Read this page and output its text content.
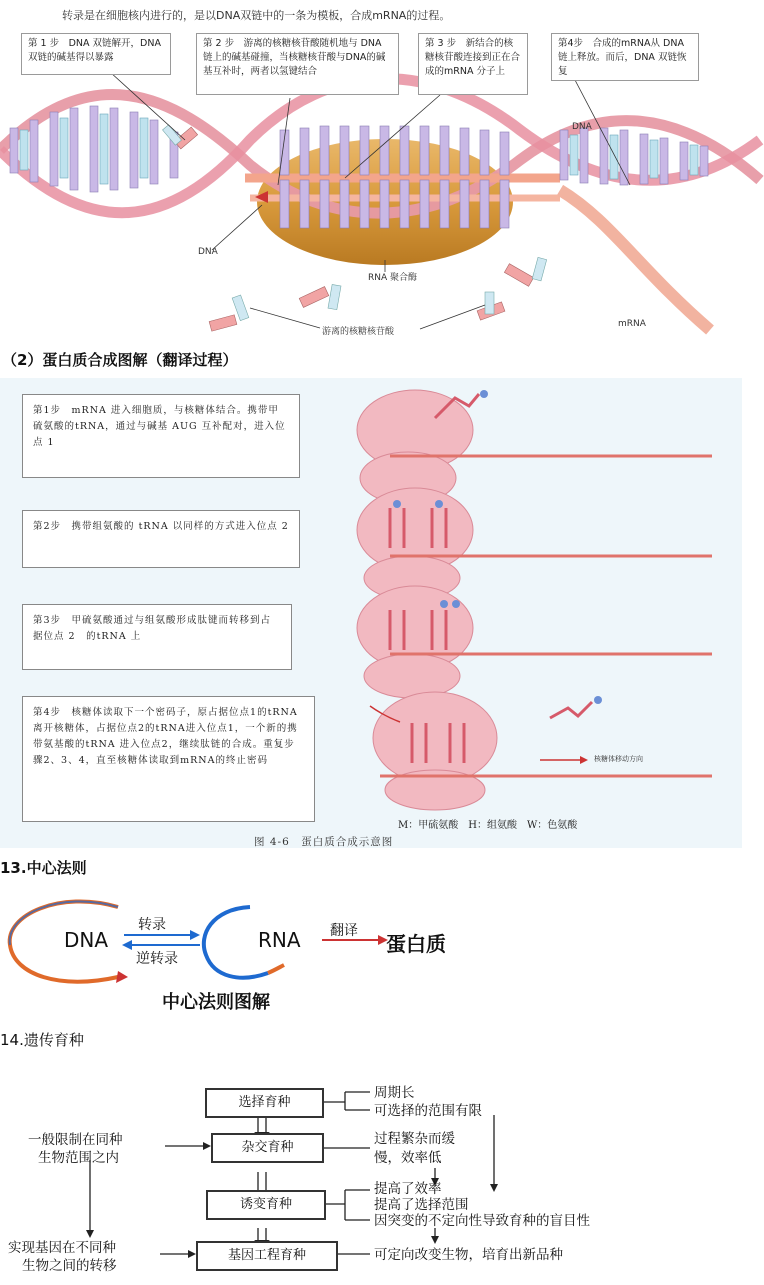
转录是在细胞核内进行的，是以DNA双链中的一条为模板，合成mRNA的过程。
第 1 步　DNA 双链解开，DNA 双链的碱基得以暴露
第 2 步　游离的核糖核苷酸随机地与 DNA 链上的碱基碰撞，当核糖核苷酸与DNA的碱基互补时，两者以氢键结合
第 3 步　新结合的核糖核苷酸连接到正在合成的mRNA 分子上
第4步　合成的mRNA从 DNA 链上释放。而后，DNA 双链恢复
DNA
DNA
RNA 聚合酶
游离的核糖核苷酸
mRNA
（2）蛋白质合成图解（翻译过程）
第1步　mRNA 进入细胞质，与核糖体结合。携带甲硫氨酸的tRNA，通过与碱基 AUG 互补配对，进入位点 1
第2步　携带组氨酸的 tRNA 以同样的方式进入位点 2
第3步　甲硫氨酸通过与组氨酸形成肽键而转移到占据位点 2　的tRNA 上
第4步　核糖体读取下一个密码子，原占据位点1的tRNA离开核糖体，占据位点2的tRNA进入位点1，一个新的携带氨基酸的tRNA 进入位点2，继续肽链的合成。重复步骤2、3、4，直至核糖体读取到mRNA的终止密码	核糖体移动方向
M：甲硫氨酸　H：组氨酸　W：色氨酸
图 4-6　蛋白质合成示意图
13.中心法则
DNA	RNA	蛋白质
转录
逆转录
翻译
中心法则图解
14.遗传育种
选择育种
杂交育种
诱变育种
基因工程育种
周期长
可选择的范围有限
过程繁杂而缓
慢，效率低
提高了效率
提高了选择范围
因突变的不定向性导致育种的盲目性
可定向改变生物，培育出新品种
一般限制在同种
生物范围之内
实现基因在不同种
生物之间的转移
